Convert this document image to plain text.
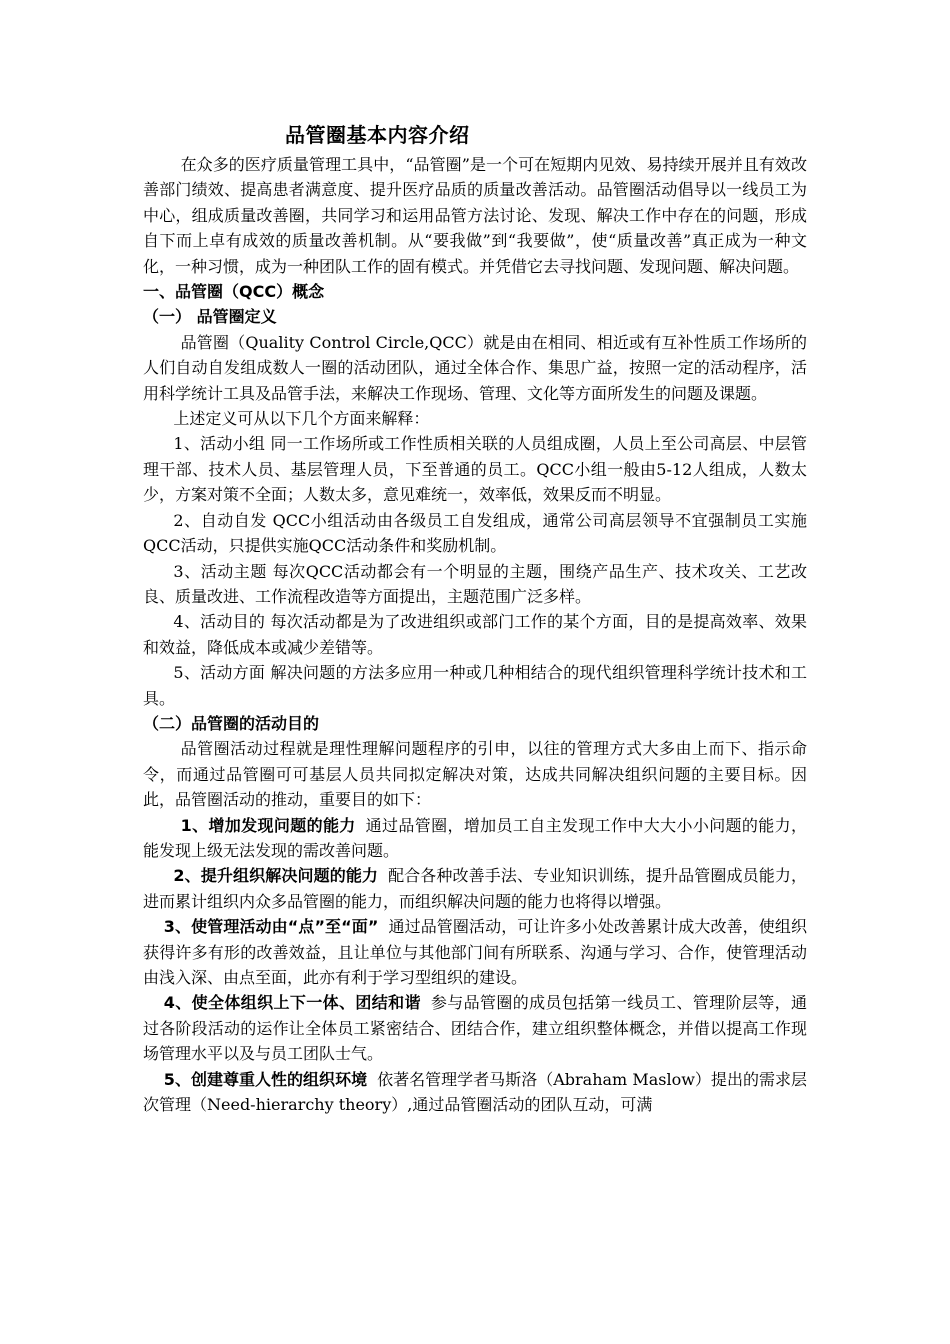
品管圈基本内容介绍

在众多的医疗质量管理工具中，“品管圈”是一个可在短期内见效、易持续开展并且有效改善部门绩效、提高患者满意度、提升医疗品质的质量改善活动。品管圈活动倡导以一线员工为中心，组成质量改善圈，共同学习和运用品管方法讨论、发现、解决工作中存在的问题，形成自下而上卓有成效的质量改善机制。从“要我做”到“我要做”，使“质量改善”真正成为一种文化，一种习惯，成为一种团队工作的固有模式。并凭借它去寻找问题、发现问题、解决问题。

一、品管圈（QCC）概念
（一） 品管圈定义

品管圈（Quality Control Circle,QCC）就是由在相同、相近或有互补性质工作场所的人们自动自发组成数人一圈的活动团队，通过全体合作、集思广益，按照一定的活动程序，活用科学统计工具及品管手法，来解决工作现场、管理、文化等方面所发生的问题及课题。

上述定义可从以下几个方面来解释：

1、活动小组 同一工作场所或工作性质相关联的人员组成圈，人员上至公司高层、中层管理干部、技术人员、基层管理人员，下至普通的员工。QCC小组一般由5-12人组成，人数太少，方案对策不全面；人数太多，意见难统一，效率低，效果反而不明显。

2、自动自发 QCC小组活动由各级员工自发组成，通常公司高层领导不宜强制员工实施QCC活动，只提供实施QCC活动条件和奖励机制。

3、活动主题 每次QCC活动都会有一个明显的主题，围绕产品生产、技术攻关、工艺改良、质量改进、工作流程改造等方面提出，主题范围广泛多样。

4、活动目的 每次活动都是为了改进组织或部门工作的某个方面，目的是提高效率、效果和效益，降低成本或减少差错等。

5、活动方面 解决问题的方法多应用一种或几种相结合的现代组织管理科学统计技术和工具。

（二）品管圈的活动目的

品管圈活动过程就是理性理解问题程序的引申，以往的管理方式大多由上而下、指示命令，而通过品管圈可可基层人员共同拟定解决对策，达成共同解决组织问题的主要目标。因此，品管圈活动的推动，重要目的如下：

1、增加发现问题的能力 通过品管圈，增加员工自主发现工作中大大小小问题的能力，能发现上级无法发现的需改善问题。

2、提升组织解决问题的能力 配合各种改善手法、专业知识训练，提升品管圈成员能力，进而累计组织内众多品管圈的能力，而组织解决问题的能力也将得以增强。

3、使管理活动由“点”至“面” 通过品管圈活动，可让许多小处改善累计成大改善，使组织获得许多有形的改善效益，且让单位与其他部门间有所联系、沟通与学习、合作，使管理活动由浅入深、由点至面，此亦有利于学习型组织的建设。

4、使全体组织上下一体、团结和谐 参与品管圈的成员包括第一线员工、管理阶层等，通过各阶段活动的运作让全体员工紧密结合、团结合作，建立组织整体概念，并借以提高工作现场管理水平以及与员工团队士气。

5、创建尊重人性的组织环境 依著名管理学者马斯洛（Abraham Maslow）提出的需求层次管理（Need-hierarchy theory）,通过品管圈活动的团队互动，可满
